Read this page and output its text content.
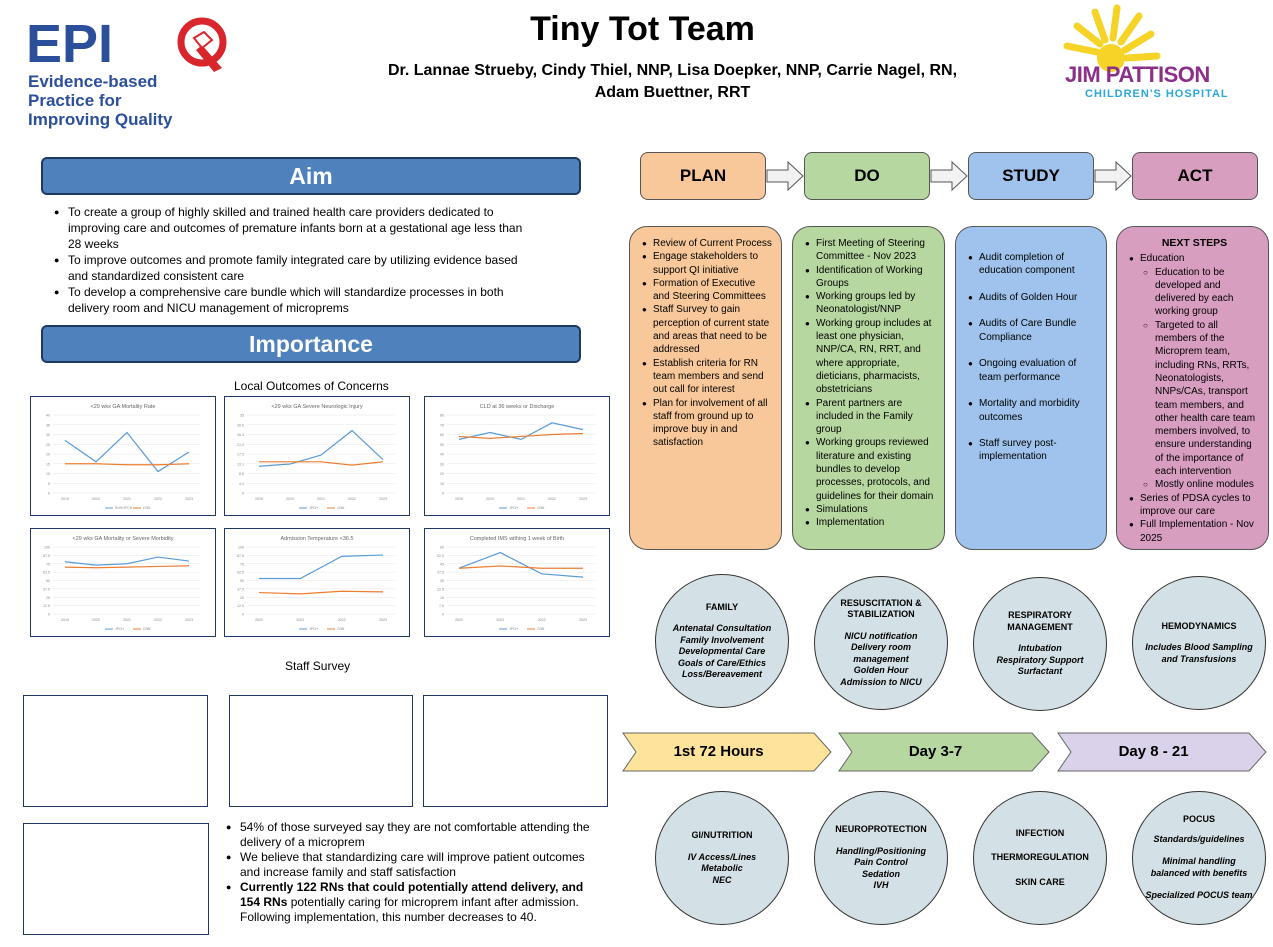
EPI
Evidence-based
Practice for
Improving Quality
Tiny Tot Team
Dr. Lannae Strueby, Cindy Thiel, NNP, Lisa Doepker, NNP, Carrie Nagel, RN,
Adam Buettner, RRT
JIM PATTISON
CHILDREN'S HOSPITAL
Aim
● To create a group of highly skilled and trained health care providers dedicated to improving care and outcomes of premature infants born at a gestational age less than 28 weeks
● To improve outcomes and promote family integrated care by utilizing evidence based and standardized consistent care
● To develop a comprehensive care bundle which will standardize processes in both delivery room and NICU management of microprems
Importance
Local Outcomes of Concerns
<29 wks GA Mortality Rate
0
5
10
15
20
25
30
35
40
2019	2020	2021	2022	2023
RUH/JPCH	CNN
<29 wks GA Severe Neurologic Injury
0
4.4
8.8
13.1
17.5
21.9
26.3
30.6
35
2019	2020	2021	2022	2023
JPCH	CNN
CLD at 36 weeks or Discharge
0
10
20
30
40
50
60
70
80
2019	2020	2021	2022	2023
JPCH	CNN
<29 wks GA Mortality or Severe Morbidity
0
12.5
25
37.5
50
62.5
75
87.5
100
2019	2020	2021	2022	2023
JPCH	CNN
Admission Temperature <36.5
0
12.5
25
37.5
50
62.5
75
87.5
100
2020	2021	2022	2023
JPCH	CNN
Completed IMS withing 1 week of Birth
0
7.5
15
22.5
30
37.5
45
52.5
60
2020	2021	2022	2023
JPCH	CNN
Staff Survey
● 54% of those surveyed say they are not comfortable attending the delivery of a microprem
● We believe that standardizing care will improve patient outcomes and increase family and staff satisfaction
● Currently 122 RNs that could potentially attend delivery, and 154 RNs potentially caring for microprem infant after admission. Following implementation, this number decreases to 40.
PLAN	DO	STUDY	ACT
● Review of Current Process
● Engage stakeholders to support QI initiative
● Formation of Executive and Steering Committees
● Staff Survey to gain perception of current state and areas that need to be addressed
● Establish criteria for RN team members and send out call for interest
● Plan for involvement of all staff from ground up to improve buy in and satisfaction
● First Meeting of Steering Committee - Nov 2023
● Identification of Working Groups
● Working groups led by Neonatologist/NNP
● Working group includes at least one physician, NNP/CA, RN, RRT, and where appropriate, dieticians, pharmacists, obstetricians
● Parent partners are included in the Family group
● Working groups reviewed literature and existing bundles to develop processes, protocols, and guidelines for their domain
● Simulations
● Implementation
● Audit completion of education component
● Audits of Golden Hour
● Audits of Care Bundle Compliance
● Ongoing evaluation of team performance
● Mortality and morbidity outcomes
● Staff survey post-implementation
NEXT STEPS
● Education
○ Education to be developed and delivered by each working group
○ Targeted to all members of the Microprem team, including RNs, RRTs, Neonatologists, NNPs/CAs, transport team members, and other health care team members involved, to ensure understanding of the importance of each intervention
○ Mostly online modules
● Series of PDSA cycles to improve our care
● Full Implementation - Nov 2025
FAMILY
Antenatal Consultation
Family Involvement
Developmental Care
Goals of Care/Ethics
Loss/Bereavement
RESUSCITATION & STABILIZATION
NICU notification
Delivery room management
Golden Hour
Admission to NICU
RESPIRATORY MANAGEMENT
Intubation
Respiratory Support
Surfactant
HEMODYNAMICS
Includes Blood Sampling and Transfusions
1st 72 Hours	Day 3-7	Day 8 - 21
GI/NUTRITION
IV Access/Lines
Metabolic
NEC
NEUROPROTECTION
Handling/Positioning
Pain Control
Sedation
IVH
INFECTION
THERMOREGULATION
SKIN CARE
POCUS
Standards/guidelines
Minimal handling balanced with benefits
Specialized POCUS team
